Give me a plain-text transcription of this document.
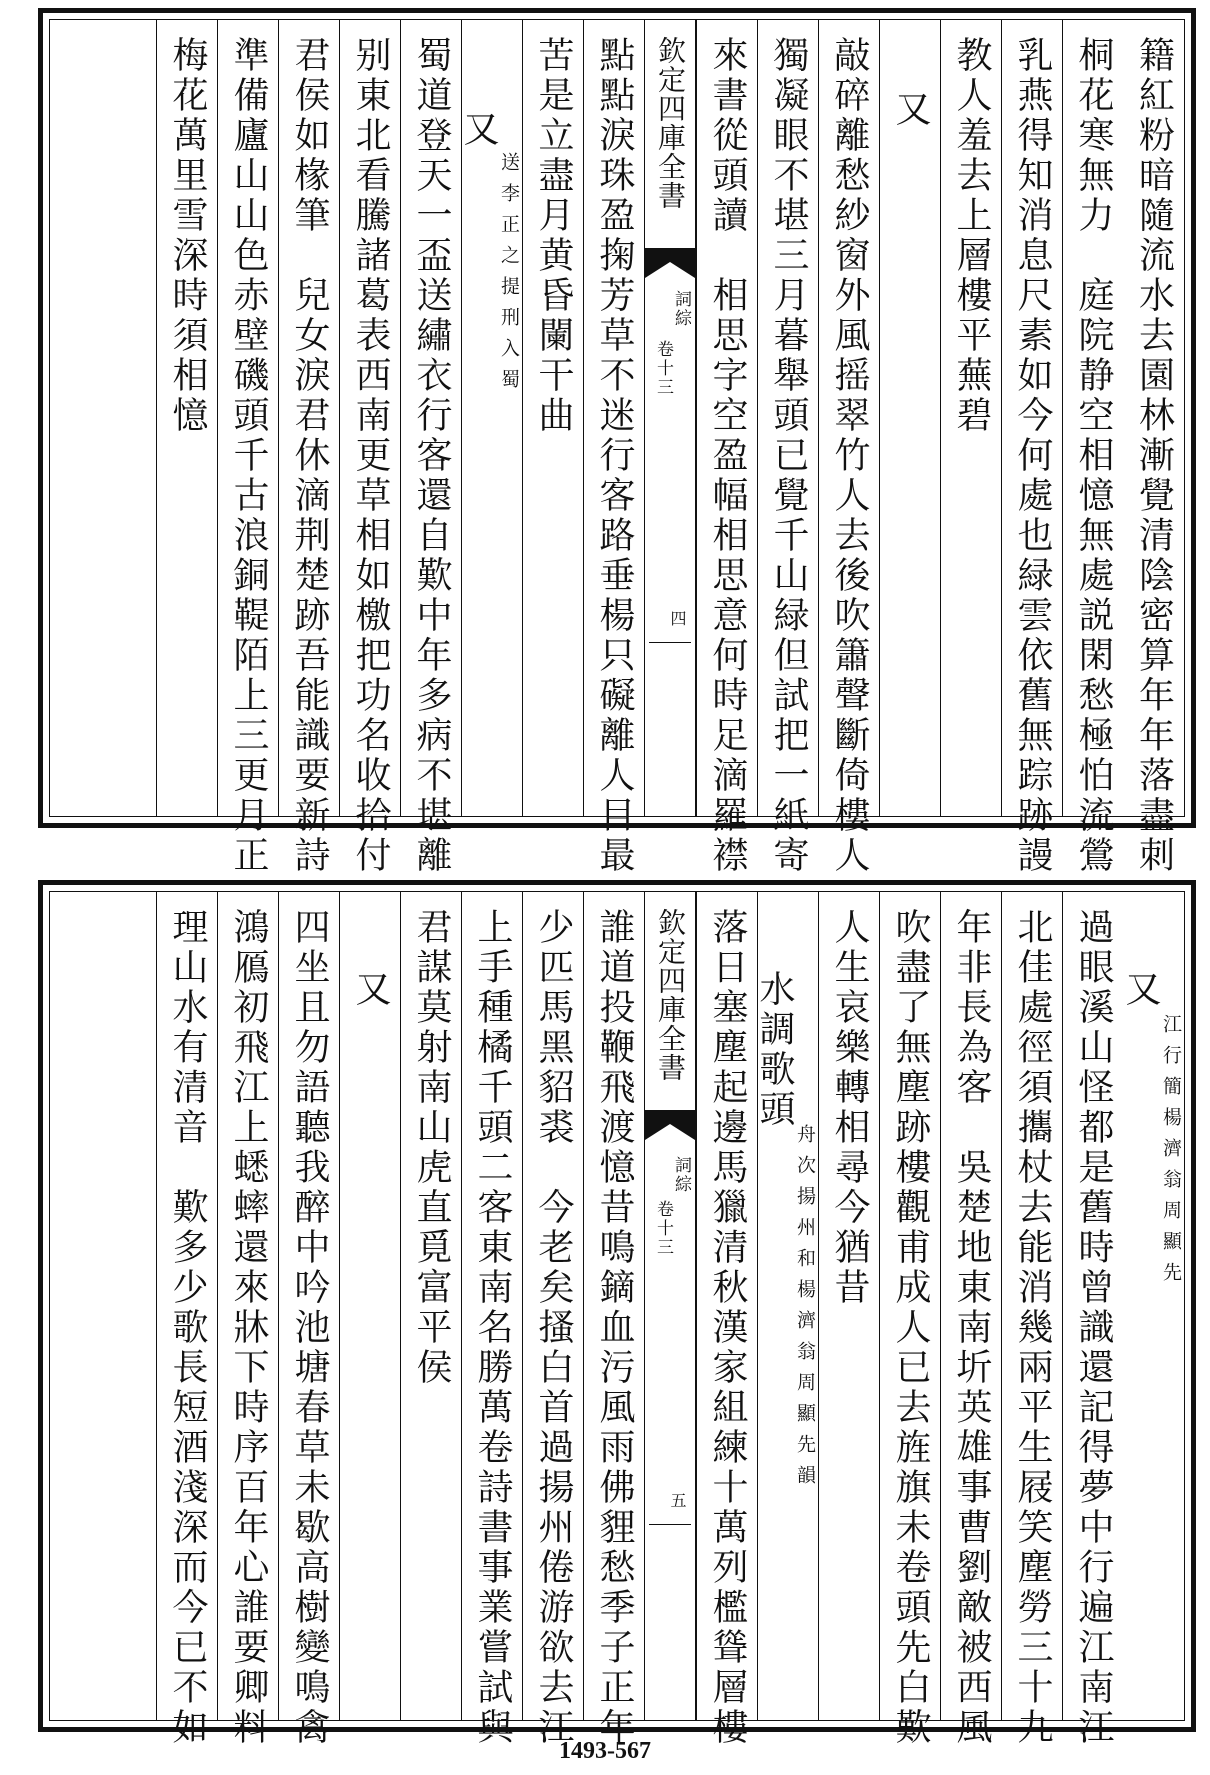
籍紅粉暗隨流水去園林漸覺清陰密算年年落盡刺
桐花寒無力　庭院静空相憶無處説閑愁極怕流鶯
乳燕得知消息尺素如今何處也緑雲依舊無踪跡謾
教人羞去上層樓平蕪碧
又
敲碎離愁紗窗外風摇翠竹人去後吹簫聲斷倚樓人
獨凝眼不堪三月暮舉頭已覺千山緑但試把一紙寄
來書從頭讀　相思字空盈幅相思意何時足滴羅襟
欽定四庫全書
詞綜
卷十三
四
點點淚珠盈掬芳草不迷行客路垂楊只礙離人目最
苦是立盡月黄昏闌干曲
又
送李正之提刑入蜀
蜀道登天一盃送繡衣行客還自歎中年多病不堪離
别東北看騰諸葛表西南更草相如檄把功名收拾付
君侯如椽筆　兒女淚君休滴荆楚跡吾能識要新詩
準備廬山山色赤壁磯頭千古浪銅鞮陌上三更月正
梅花萬里雪深時須相憶
又
江行簡楊濟翁周顯先
過眼溪山怪都是舊時曾識還記得夢中行遍江南江
北佳處徑須攜杖去能消幾兩平生屐笑塵勞三十九
年非長為客　吳楚地東南圻英雄事曹劉敵被西風
吹盡了無塵跡樓觀甫成人已去旌旗未卷頭先白歎
人生哀樂轉相尋今猶昔
水調歌頭
舟次揚州和楊濟翁周顯先韻
落日塞塵起邊馬獵清秋漢家組練十萬列檻聳層樓
欽定四庫全書
詞綜
卷十三
五
誰道投鞭飛渡憶昔鳴鏑血污風雨佛貍愁季子正年
少匹馬黑貂裘　今老矣搔白首過揚州倦游欲去江
上手種橘千頭二客東南名勝萬卷詩書事業嘗試與
君謀莫射南山虎直覓富平侯
又
四坐且勿語聽我醉中吟池塘春草未歇高樹變鳴禽
鴻鴈初飛江上蟋蟀還來牀下時序百年心誰要卿料
理山水有清音　歎多少歌長短酒淺深而今已不如
1493-567
